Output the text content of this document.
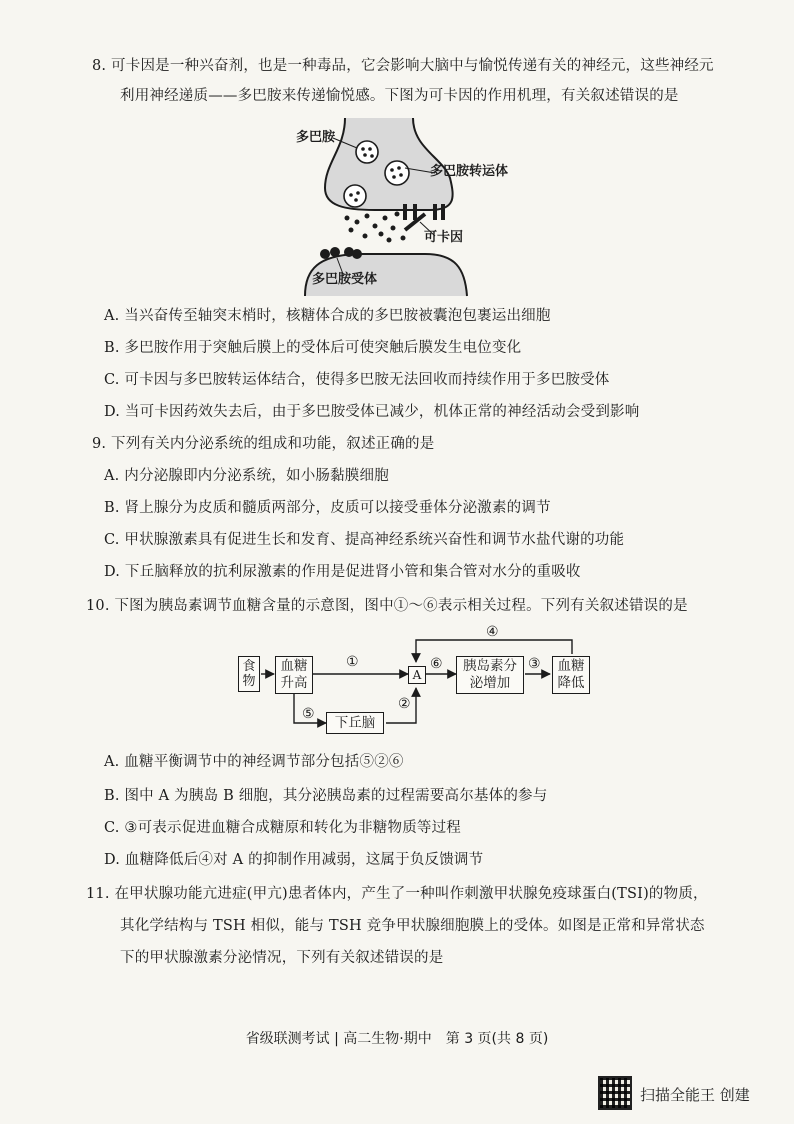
8. 可卡因是一种兴奋剂，也是一种毒品，它会影响大脑中与愉悦传递有关的神经元，这些神经元
利用神经递质——多巴胺来传递愉悦感。下图为可卡因的作用机理，有关叙述错误的是
多巴胺
多巴胺转运体
可卡因
多巴胺受体
A. 当兴奋传至轴突末梢时，核糖体合成的多巴胺被囊泡包裹运出细胞
B. 多巴胺作用于突触后膜上的受体后可使突触后膜发生电位变化
C. 可卡因与多巴胺转运体结合，使得多巴胺无法回收而持续作用于多巴胺受体
D. 当可卡因药效失去后，由于多巴胺受体已减少，机体正常的神经活动会受到影响
9. 下列有关内分泌系统的组成和功能，叙述正确的是
A. 内分泌腺即内分泌系统，如小肠黏膜细胞
B. 肾上腺分为皮质和髓质两部分，皮质可以接受垂体分泌激素的调节
C. 甲状腺激素具有促进生长和发育、提高神经系统兴奋性和调节水盐代谢的功能
D. 下丘脑释放的抗利尿激素的作用是促进肾小管和集合管对水分的重吸收
10. 下图为胰岛素调节血糖含量的示意图，图中①～⑥表示相关过程。下列有关叙述错误的是
食
物
血糖
升高
A
胰岛素分
泌增加
血糖
降低
下丘脑
①
②
③
④
⑤
⑥
A. 血糖平衡调节中的神经调节部分包括⑤②⑥
B. 图中 A 为胰岛 B 细胞，其分泌胰岛素的过程需要高尔基体的参与
C. ③可表示促进血糖合成糖原和转化为非糖物质等过程
D. 血糖降低后④对 A 的抑制作用减弱，这属于负反馈调节
11. 在甲状腺功能亢进症(甲亢)患者体内，产生了一种叫作刺激甲状腺免疫球蛋白(TSI)的物质，
其化学结构与 TSH 相似，能与 TSH 竞争甲状腺细胞膜上的受体。如图是正常和异常状态
下的甲状腺激素分泌情况，下列有关叙述错误的是
省级联测考试 | 高二生物·期中　第 3 页(共 8 页)
扫描全能王 创建
